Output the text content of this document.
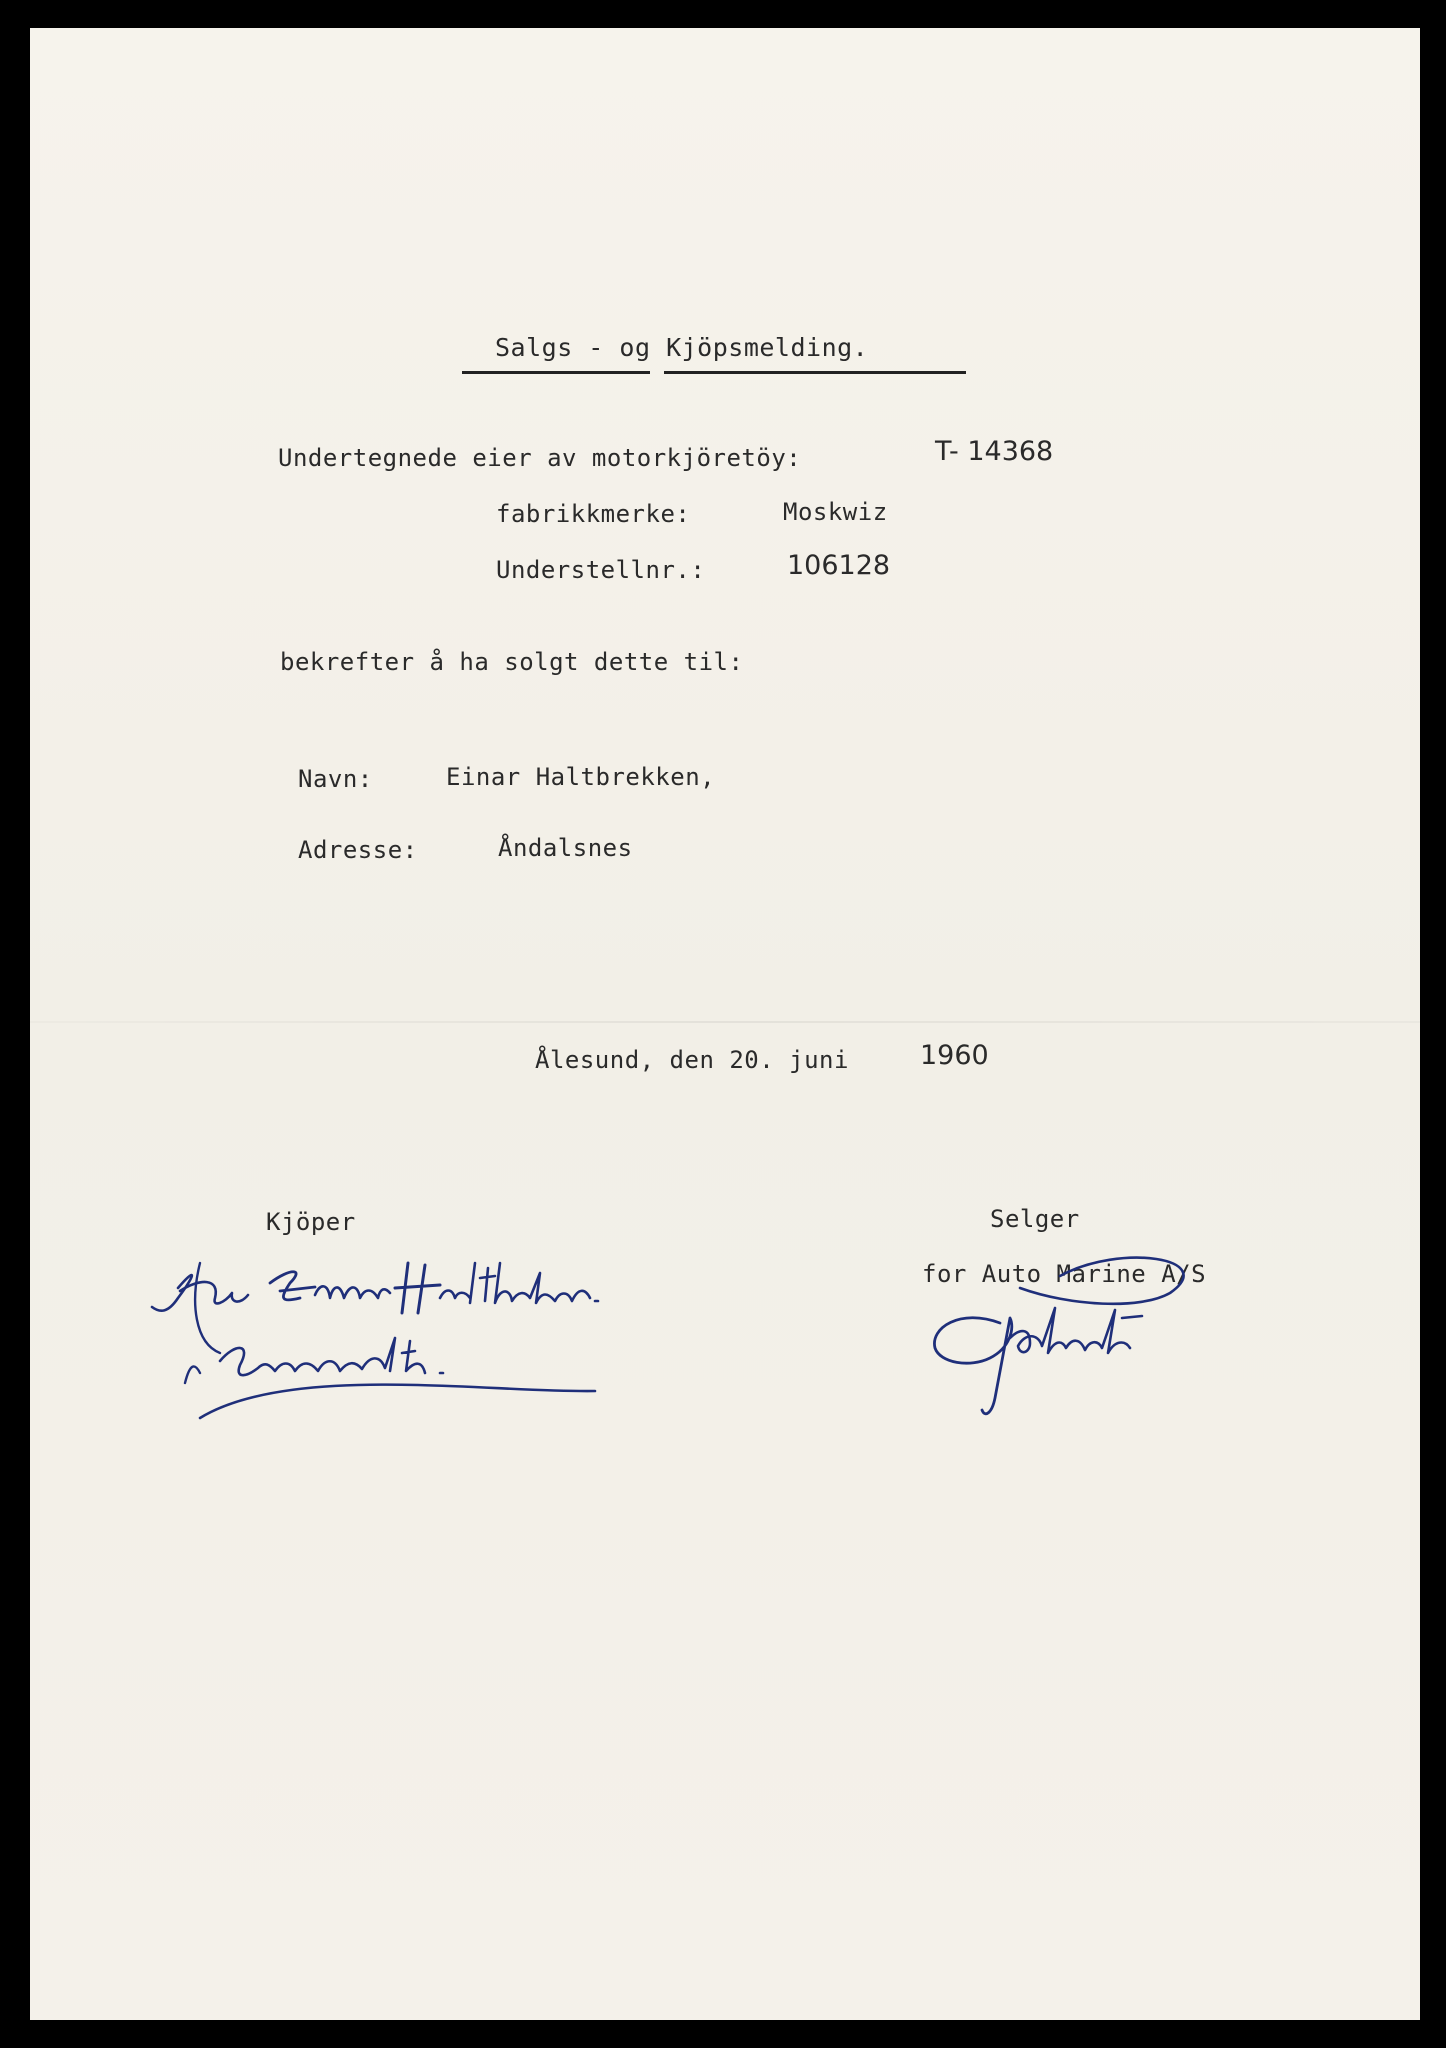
Salgs - og Kjöpsmelding.
Undertegnede eier av motorkjöretöy:	T- 14368
fabrikkmerke:	Moskwiz
Understellnr.:	106128
bekrefter å ha solgt dette til:
Navn:	Einar Haltbrekken,
Adresse:	Åndalsnes
Ålesund, den 20. juni	1960
Kjöper	Selger
for Auto Marine A/S
